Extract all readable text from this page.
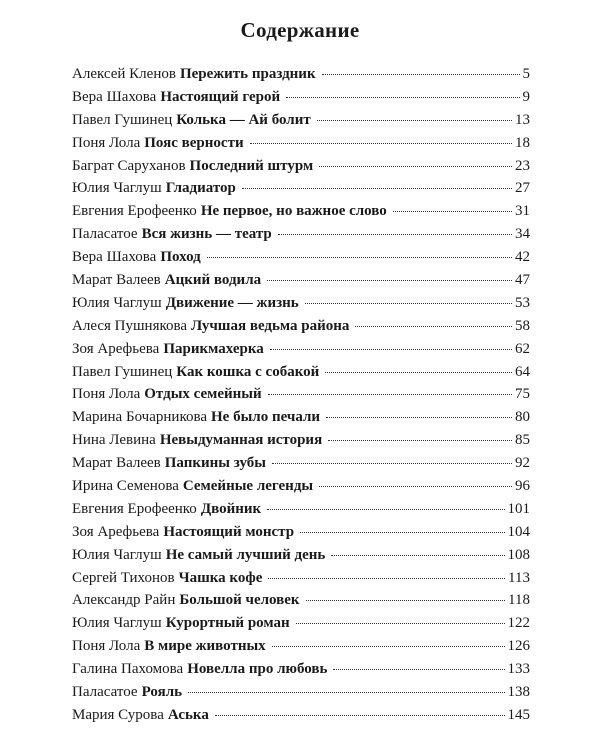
Содержание
Алексей Кленов Пережить праздник	5
Вера Шахова Настоящий герой	9
Павел Гушинец Колька — Ай болит	13
Поня Лола Пояс верности	18
Баграт Саруханов Последний штурм	23
Юлия Чаглуш Гладиатор	27
Евгения Ерофеенко Не первое, но важное слово	31
Паласатое Вся жизнь — театр	34
Вера Шахова Поход	42
Марат Валеев Ацкий водила	47
Юлия Чаглуш Движение — жизнь	53
Алеся Пушнякова Лучшая ведьма района	58
Зоя Арефьева Парикмахерка	62
Павел Гушинец Как кошка с собакой	64
Поня Лола Отдых семейный	75
Марина Бочарникова Не было печали	80
Нина Левина Невыдуманная история	85
Марат Валеев Папкины зубы	92
Ирина Семенова Семейные легенды	96
Евгения Ерофеенко Двойник	101
Зоя Арефьева Настоящий монстр	104
Юлия Чаглуш Не самый лучший день	108
Сергей Тихонов Чашка кофе	113
Александр Райн Большой человек	118
Юлия Чаглуш Курортный роман	122
Поня Лола В мире животных	126
Галина Пахомова Новелла про любовь	133
Паласатое Рояль	138
Мария Сурова Аська	145
